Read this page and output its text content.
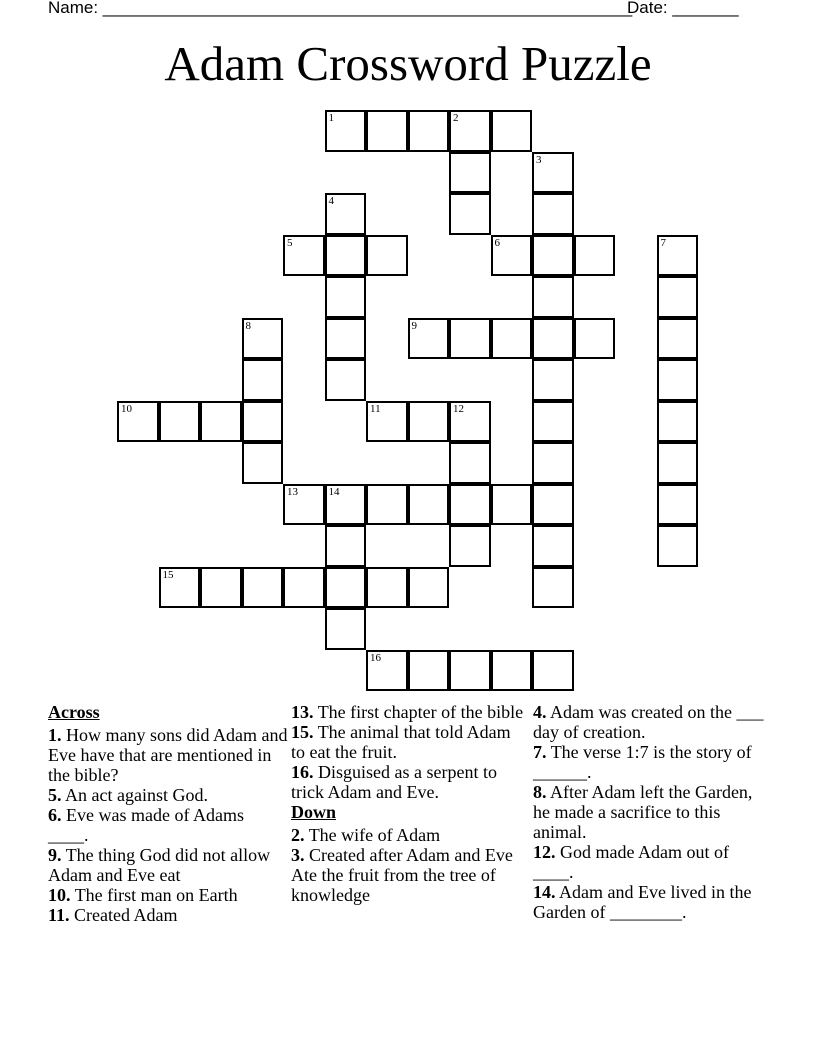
Name: ________________________________________________________
Date: _______
Adam Crossword Puzzle
1	2
3
4
5	6	7
8	9
10	11	12
13	14
15
16
Across
1. How many sons did Adam and Eve have that are mentioned in the bible?
5. An act against God.
6. Eve was made of Adams ____.
9. The thing God did not allow Adam and Eve eat
10. The first man on Earth
11. Created Adam
13. The first chapter of the bible
15. The animal that told Adam to eat the fruit.
16. Disguised as a serpent to trick Adam and Eve.
Down
2. The wife of Adam
3. Created after Adam and Eve Ate the fruit from the tree of knowledge
4. Adam was created on the ___ day of creation.
7. The verse 1:7 is the story of ______.
8. After Adam left the Garden, he made a sacrifice to this animal.
12. God made Adam out of ____.
14. Adam and Eve lived in the Garden of ________.
